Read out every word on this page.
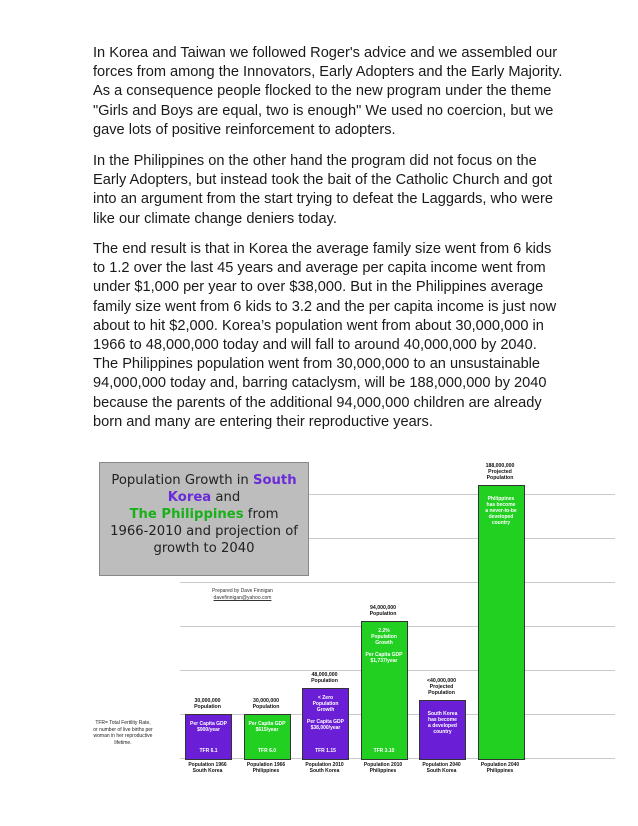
In Korea and Taiwan we followed Roger's advice and we assembled our forces from among the Innovators, Early Adopters and the Early Majority. As a consequence people flocked to the new program under the theme "Girls and Boys are equal, two is enough" We used no coercion, but we gave lots of positive reinforcement to adopters.

In the Philippines on the other hand the program did not focus on the Early Adopters, but instead took the bait of the Catholic Church and got into an argument from the start trying to defeat the Laggards, who were like our climate change deniers today.

The end result is that in Korea the average family size went from 6 kids to 1.2 over the last 45 years and average per capita income went from under $1,000 per year to over $38,000. But in the Philippines average family size went from 6 kids to 3.2 and the per capita income is just now about to hit $2,000. Korea’s population went from about 30,000,000 in 1966 to 48,000,000 today and will fall to around 40,000,000 by 2040. The Philippines population went from 30,000,000 to an unsustainable 94,000,000 today and, barring cataclysm, will be 188,000,000 by 2040 because the parents of the additional 94,000,000 children are already born and many are entering their reproductive years.

Population Growth in South
Korea and
The Philippines from
1966-2010 and projection of
growth to 2040
Prepared by Dave Finnigan
davefinnigan@yahoo.com
TFR= Total Fertility Rate, or number of live births per woman in her reproductive lifetime.
Per Capita GDP
$900/year
TFR 6.1
30,000,000
Population
Population 1966
South Korea
Per Capita GDP
$615/year
TFR 6.0
30,000,000
Population
Population 1966
Philippines
< Zero
Population
Growth

Per Capita GDP
$38,000/year
TFR 1.15
48,000,000
Population
Population 2010
South Korea
2.2%
Population
Growth

Per Capita GDP
$1,737/year
TFR 3.10
94,000,000
Population
Population 2010
Philippines
South Korea
has become
a developed
country
<40,000,000
Projected
Population
Population 2040
South Korea
Philippines
has become
a never-to-be
developed
country
188,000,000
Projected
Population
Population 2040
Philippines
